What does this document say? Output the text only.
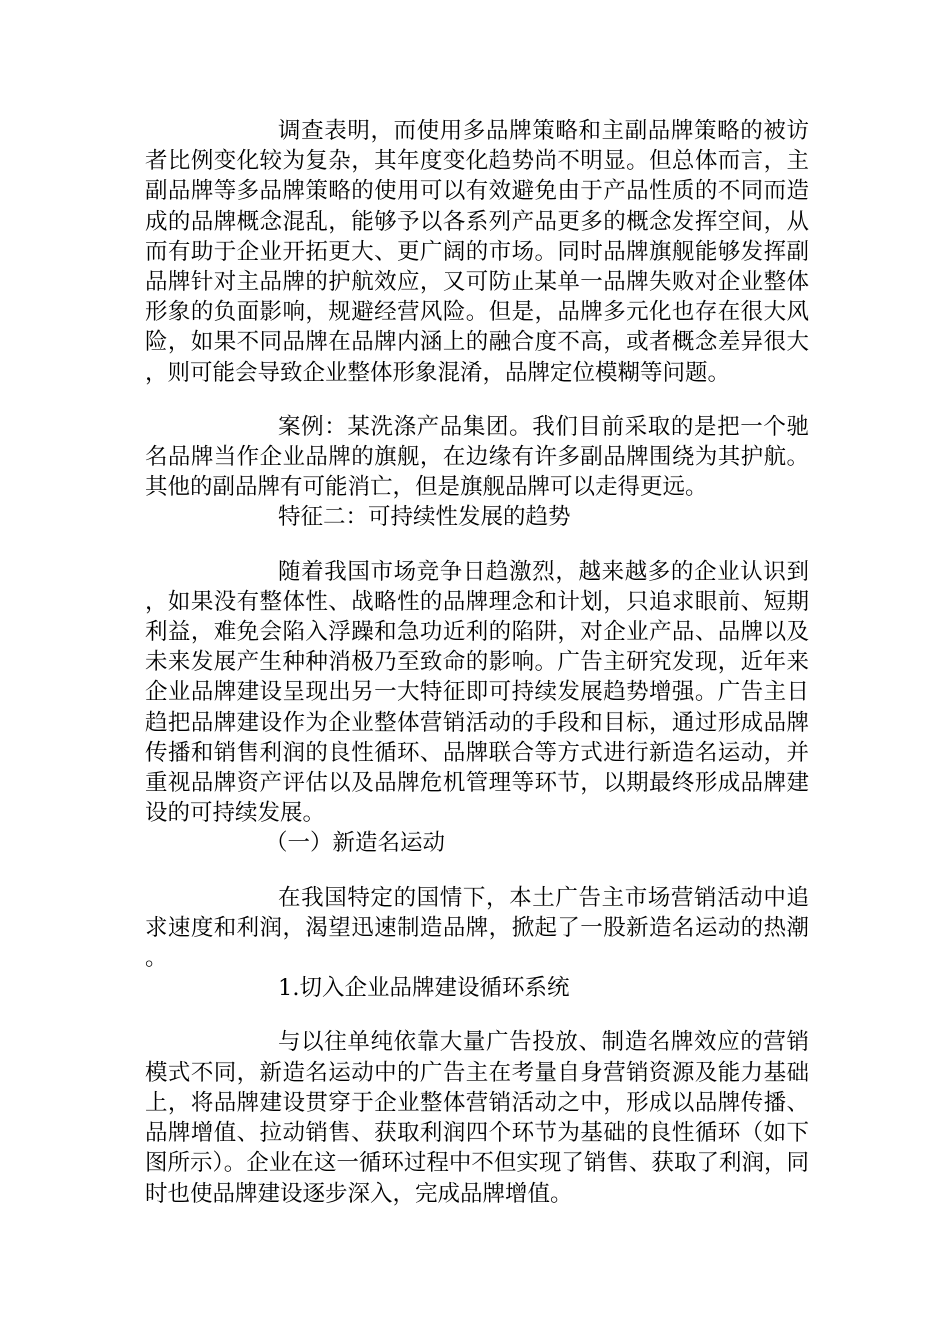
调查表明，而使用多品牌策略和主副品牌策略的被访者比例变化较为复杂，其年度变化趋势尚不明显。但总体而言，主副品牌等多品牌策略的使用可以有效避免由于产品性质的不同而造成的品牌概念混乱，能够予以各系列产品更多的概念发挥空间，从而有助于企业开拓更大、更广阔的市场。同时品牌旗舰能够发挥副品牌针对主品牌的护航效应，又可防止某单一品牌失败对企业整体形象的负面影响，规避经营风险。但是，品牌多元化也存在很大风险，如果不同品牌在品牌内涵上的融合度不高，或者概念差异很大，则可能会导致企业整体形象混淆，品牌定位模糊等问题。

案例：某洗涤产品集团。我们目前采取的是把一个驰名品牌当作企业品牌的旗舰，在边缘有许多副品牌围绕为其护航。其他的副品牌有可能消亡，但是旗舰品牌可以走得更远。

特征二：可持续性发展的趋势

随着我国市场竞争日趋激烈，越来越多的企业认识到，如果没有整体性、战略性的品牌理念和计划，只追求眼前、短期利益，难免会陷入浮躁和急功近利的陷阱，对企业产品、品牌以及未来发展产生种种消极乃至致命的影响。广告主研究发现，近年来企业品牌建设呈现出另一大特征即可持续发展趋势增强。广告主日趋把品牌建设作为企业整体营销活动的手段和目标，通过形成品牌传播和销售利润的良性循环、品牌联合等方式进行新造名运动，并重视品牌资产评估以及品牌危机管理等环节，以期最终形成品牌建设的可持续发展。

（一）新造名运动

在我国特定的国情下，本土广告主市场营销活动中追求速度和利润，渴望迅速制造品牌，掀起了一股新造名运动的热潮。

1.切入企业品牌建设循环系统

与以往单纯依靠大量广告投放、制造名牌效应的营销模式不同，新造名运动中的广告主在考量自身营销资源及能力基础上，将品牌建设贯穿于企业整体营销活动之中，形成以品牌传播、品牌增值、拉动销售、获取利润四个环节为基础的良性循环（如下图所示）。企业在这一循环过程中不但实现了销售、获取了利润，同时也使品牌建设逐步深入，完成品牌增值。
